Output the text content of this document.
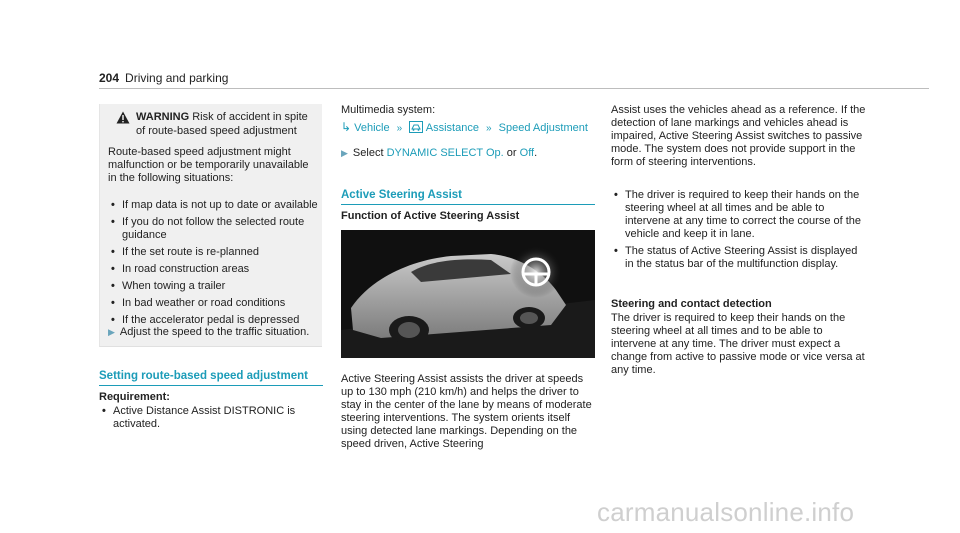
204 Driving and parking
WARNING Risk of accident in spite of route-based speed adjustment
Route-based speed adjustment might malfunction or be temporarily unavailable in the following situations:
• If map data is not up to date or available
• If you do not follow the selected route guidance
• If the set route is re-planned
• In road construction areas
• When towing a trailer
• In bad weather or road conditions
• If the accelerator pedal is depressed
▶ Adjust the speed to the traffic situation.
Setting route-based speed adjustment
Requirement:
• Active Distance Assist DISTRONIC is activated.
Multimedia system:
↳ Vehicle » Assistance » Speed Adjustment
▶ Select DYNAMIC SELECT Op. or Off.
Active Steering Assist
Function of Active Steering Assist
Active Steering Assist assists the driver at speeds up to 130 mph (210 km/h) and helps the driver to stay in the center of the lane by means of moderate steering interventions. The system orients itself using detected lane markings. Depending on the speed driven, Active Steering
Assist uses the vehicles ahead as a reference. If the detection of lane markings and vehicles ahead is impaired, Active Steering Assist switches to passive mode. The system does not provide support in the form of steering interventions.
• The driver is required to keep their hands on the steering wheel at all times and be able to intervene at any time to correct the course of the vehicle and keep it in lane.
• The status of Active Steering Assist is displayed in the status bar of the multifunction display.
Steering and contact detection
The driver is required to keep their hands on the steering wheel at all times and to be able to intervene at any time. The driver must expect a change from active to passive mode or vice versa at any time.
carmanualsonline.info
